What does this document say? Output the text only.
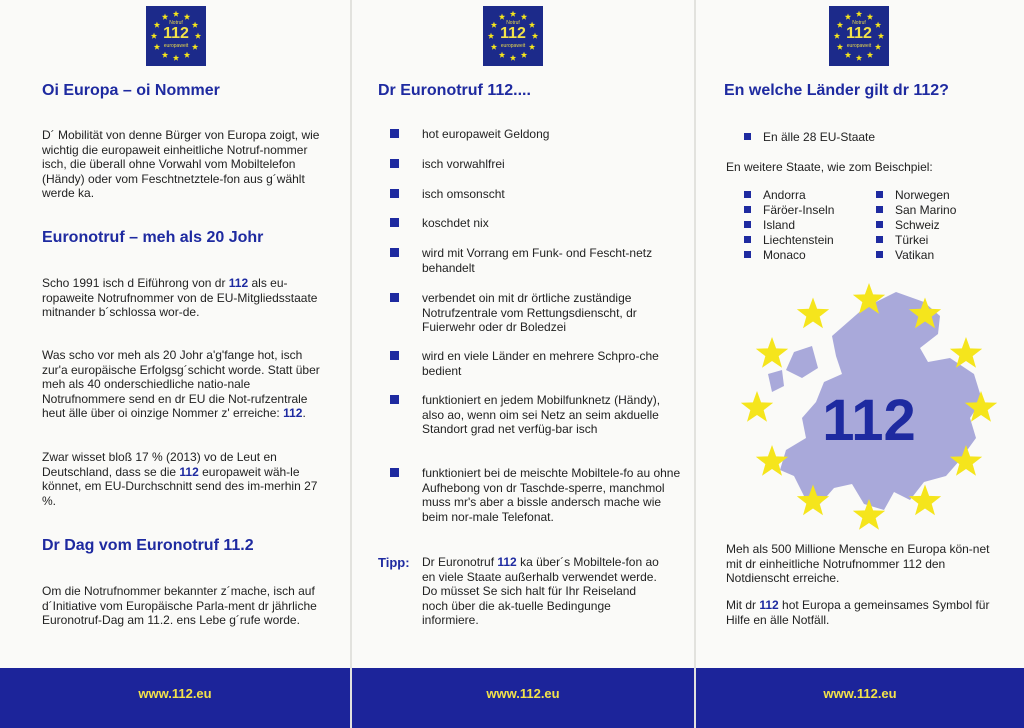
Notruf
112
europaweit
Oi Europa – oi Nommer

D´ Mobilität von denne Bürger von Europa zoigt, wie wichtig die europaweit einheitliche Notruf-nommer isch, die überall ohne Vorwahl vom Mobiltelefon (Händy) oder vom Feschtnetztele-fon aus g´wählt werde ka.

Euronotruf – meh als 20 Johr

Scho 1991 isch d Eiführong von dr 112 als eu-ropaweite Notrufnommer von de EU-Mitgliedsstaate mitnander b´schlossa wor-de.

Was scho vor meh als 20 Johr a'g'fange hot, isch zur'a europäische Erfolgsg´schicht worde. Statt über meh als 40 onderschiedliche natio-nale Notrufnommere send en dr EU die Not-rufzentrale heut älle über oi oinzige Nommer z' erreiche: 112.

Zwar wisset bloß 17 % (2013) vo de Leut en Deutschland, dass se die 112 europaweit wäh-le könnet, em EU-Durchschnitt send des im-merhin 27 %.

Dr Dag vom Euronotruf 11.2

Om die Notrufnommer bekannter z´mache, isch auf d´Initiative vom Europäische Parla-ment dr jährliche Euronotruf-Dag am 11.2. ens Lebe g´rufe worde.

www.112.eu
Notruf
112
europaweit
Dr Euronotruf 112....
hot europaweit Geldong
isch vorwahlfrei
isch omsonscht
koschdet nix
wird mit Vorrang em Funk- ond Fescht-netz behandelt
verbendet oin mit dr örtliche zuständige Notrufzentrale vom Rettungsdienscht, dr Fuierwehr oder dr Boledzei
wird en viele Länder en mehrere Schpro-che bedient
funktioniert en jedem Mobilfunknetz (Händy), also ao, wenn oim sei Netz an seim akduelle Standort grad net verfüg-bar isch
funktioniert bei de meischte Mobiltele-fo au ohne Aufhebong von dr Taschde-sperre, manchmol muss mr's aber a bissle andersch mache wie beim nor-male Telefonat.
Tipp: Dr Euronotruf 112 ka über´s Mobiltele-fon ao en viele Staate außerhalb verwendet werde. Do müsset Se sich halt für Ihr Reiseland noch über die ak-tuelle Bedingunge informiere.

www.112.eu
Notruf
112
europaweit
En welche Länder gilt dr 112?
En älle 28 EU-Staate
En weitere Staate, wie zom Beischpiel:
Andorra
Färöer-Inseln
Island
Liechtenstein
Monaco
Norwegen
San Marino
Schweiz
Türkei
Vatikan
112

Meh als 500 Millione Mensche en Europa kön-net mit dr einheitliche Notrufnommer 112 den Notdienscht erreiche.

Mit dr 112 hot Europa a gemeinsames Symbol für Hilfe en älle Notfäll.

www.112.eu
